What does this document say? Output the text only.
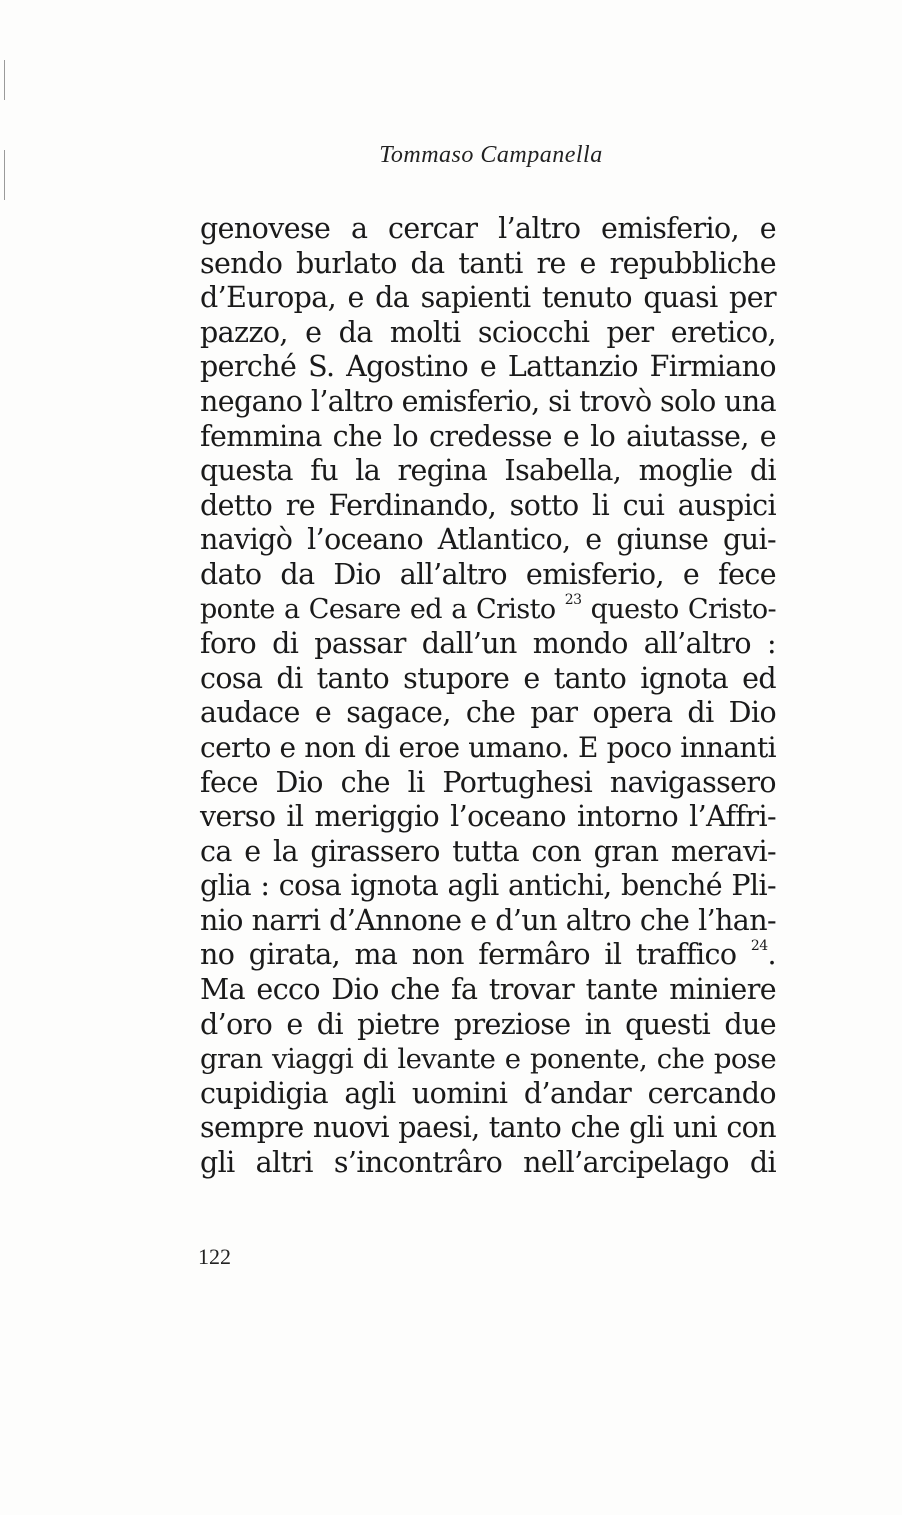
Tommaso Campanella
genovese a cercar l’altro emisferio, e
sendo burlato da tanti re e repubbliche
d’Europa, e da sapienti tenuto quasi per
pazzo, e da molti sciocchi per eretico,
perché S. Agostino e Lattanzio Firmiano
negano l’altro emisferio, si trovò solo una
femmina che lo credesse e lo aiutasse, e
questa fu la regina Isabella, moglie di
detto re Ferdinando, sotto li cui auspici
navigò l’oceano Atlantico, e giunse gui-
dato da Dio all’altro emisferio, e fece
ponte a Cesare ed a Cristo $^{23}$ questo Cristo-
foro di passar dall’un mondo all’altro :
cosa di tanto stupore e tanto ignota ed
audace e sagace, che par opera di Dio
certo e non di eroe umano. E poco innanti
fece Dio che li Portughesi navigassero
verso il meriggio l’oceano intorno l’Affri-
ca e la girassero tutta con gran meravi-
glia : cosa ignota agli antichi, benché Pli-
nio narri d’Annone e d’un altro che l’han-
no girata, ma non fermâro il traffico $^{24}$.
Ma ecco Dio che fa trovar tante miniere
d’oro e di pietre preziose in questi due
gran viaggi di levante e ponente, che pose
cupidigia agli uomini d’andar cercando
sempre nuovi paesi, tanto che gli uni con
gli altri s’incontrâro nell’arcipelago di
122
